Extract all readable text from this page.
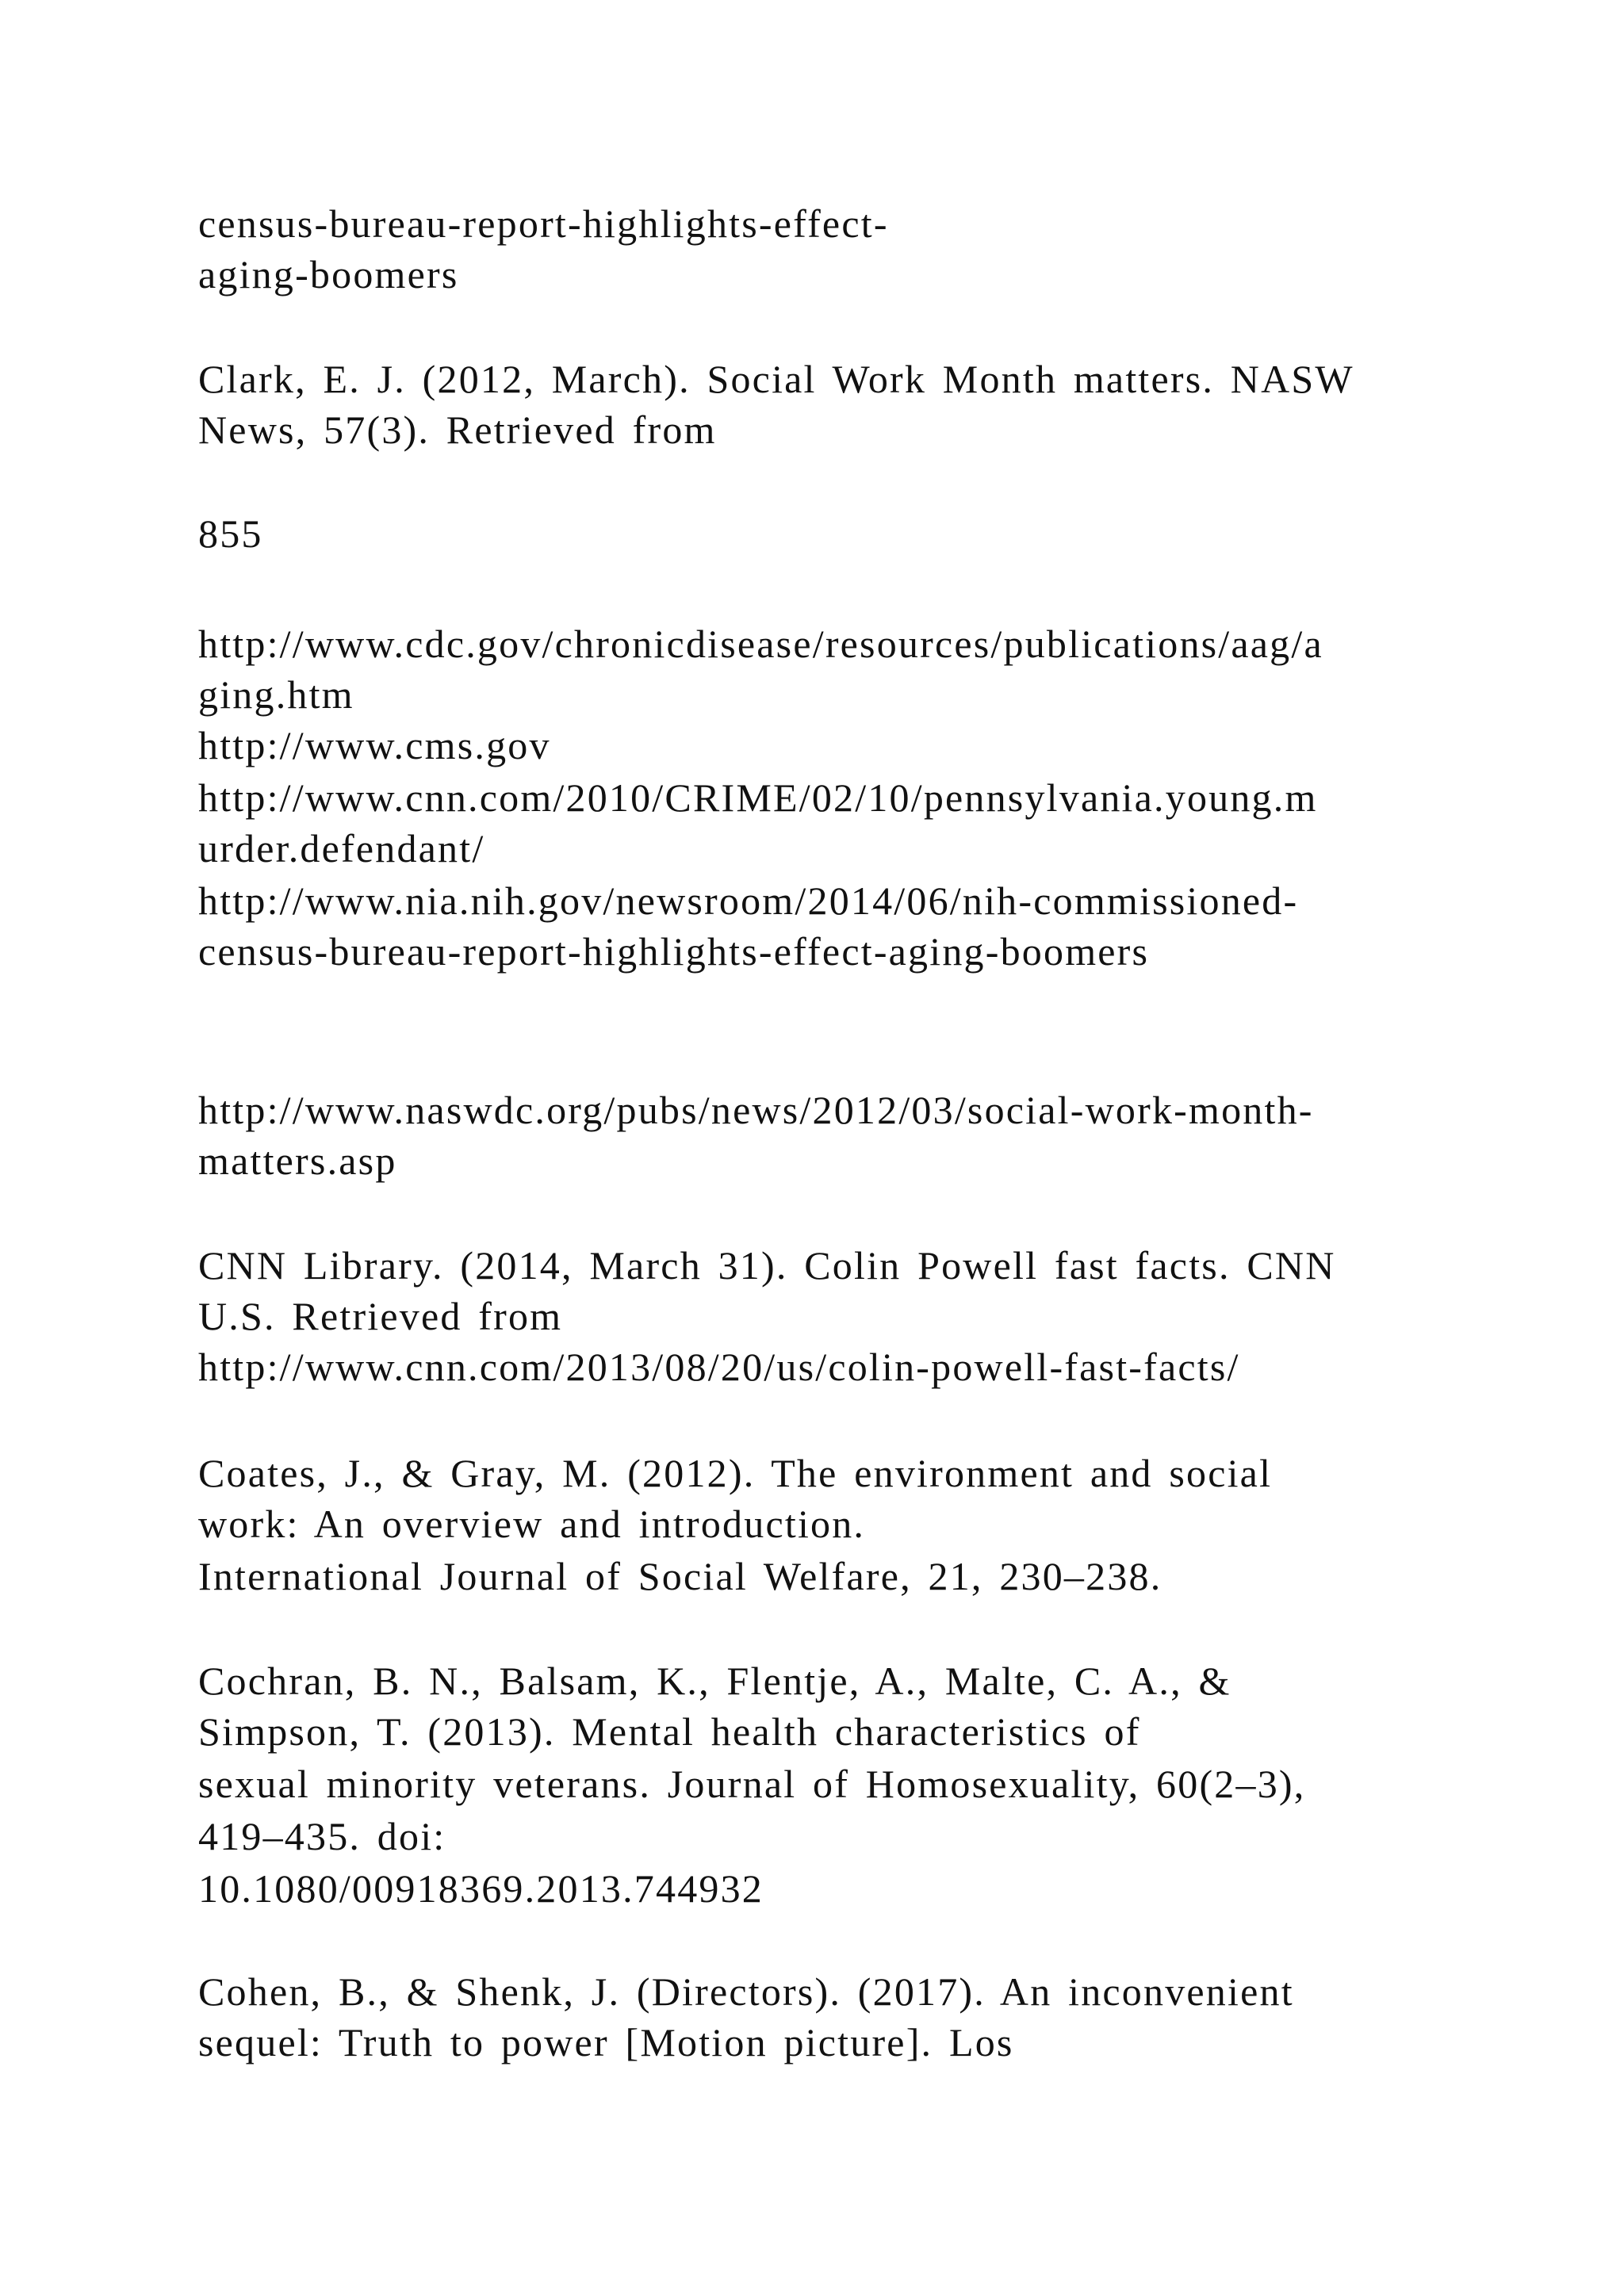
census-bureau-report-highlights-effect-

aging-boomers

Clark, E. J. (2012, March). Social Work Month matters. NASW

News, 57(3). Retrieved from

855

http://www.cdc.gov/chronicdisease/resources/publications/aag/a

ging.htm

http://www.cms.gov

http://www.cnn.com/2010/CRIME/02/10/pennsylvania.young.m

urder.defendant/

http://www.nia.nih.gov/newsroom/2014/06/nih-commissioned-

census-bureau-report-highlights-effect-aging-boomers

http://www.naswdc.org/pubs/news/2012/03/social-work-month-

matters.asp

CNN Library. (2014, March 31). Colin Powell fast facts. CNN

U.S. Retrieved from

http://www.cnn.com/2013/08/20/us/colin-powell-fast-facts/

Coates, J., & Gray, M. (2012). The environment and social

work: An overview and introduction.

International Journal of Social Welfare, 21, 230–238.

Cochran, B. N., Balsam, K., Flentje, A., Malte, C. A., &

Simpson, T. (2013). Mental health characteristics of

sexual minority veterans. Journal of Homosexuality, 60(2–3),

419–435. doi:

10.1080/00918369.2013.744932

Cohen, B., & Shenk, J. (Directors). (2017). An inconvenient

sequel: Truth to power [Motion picture]. Los
